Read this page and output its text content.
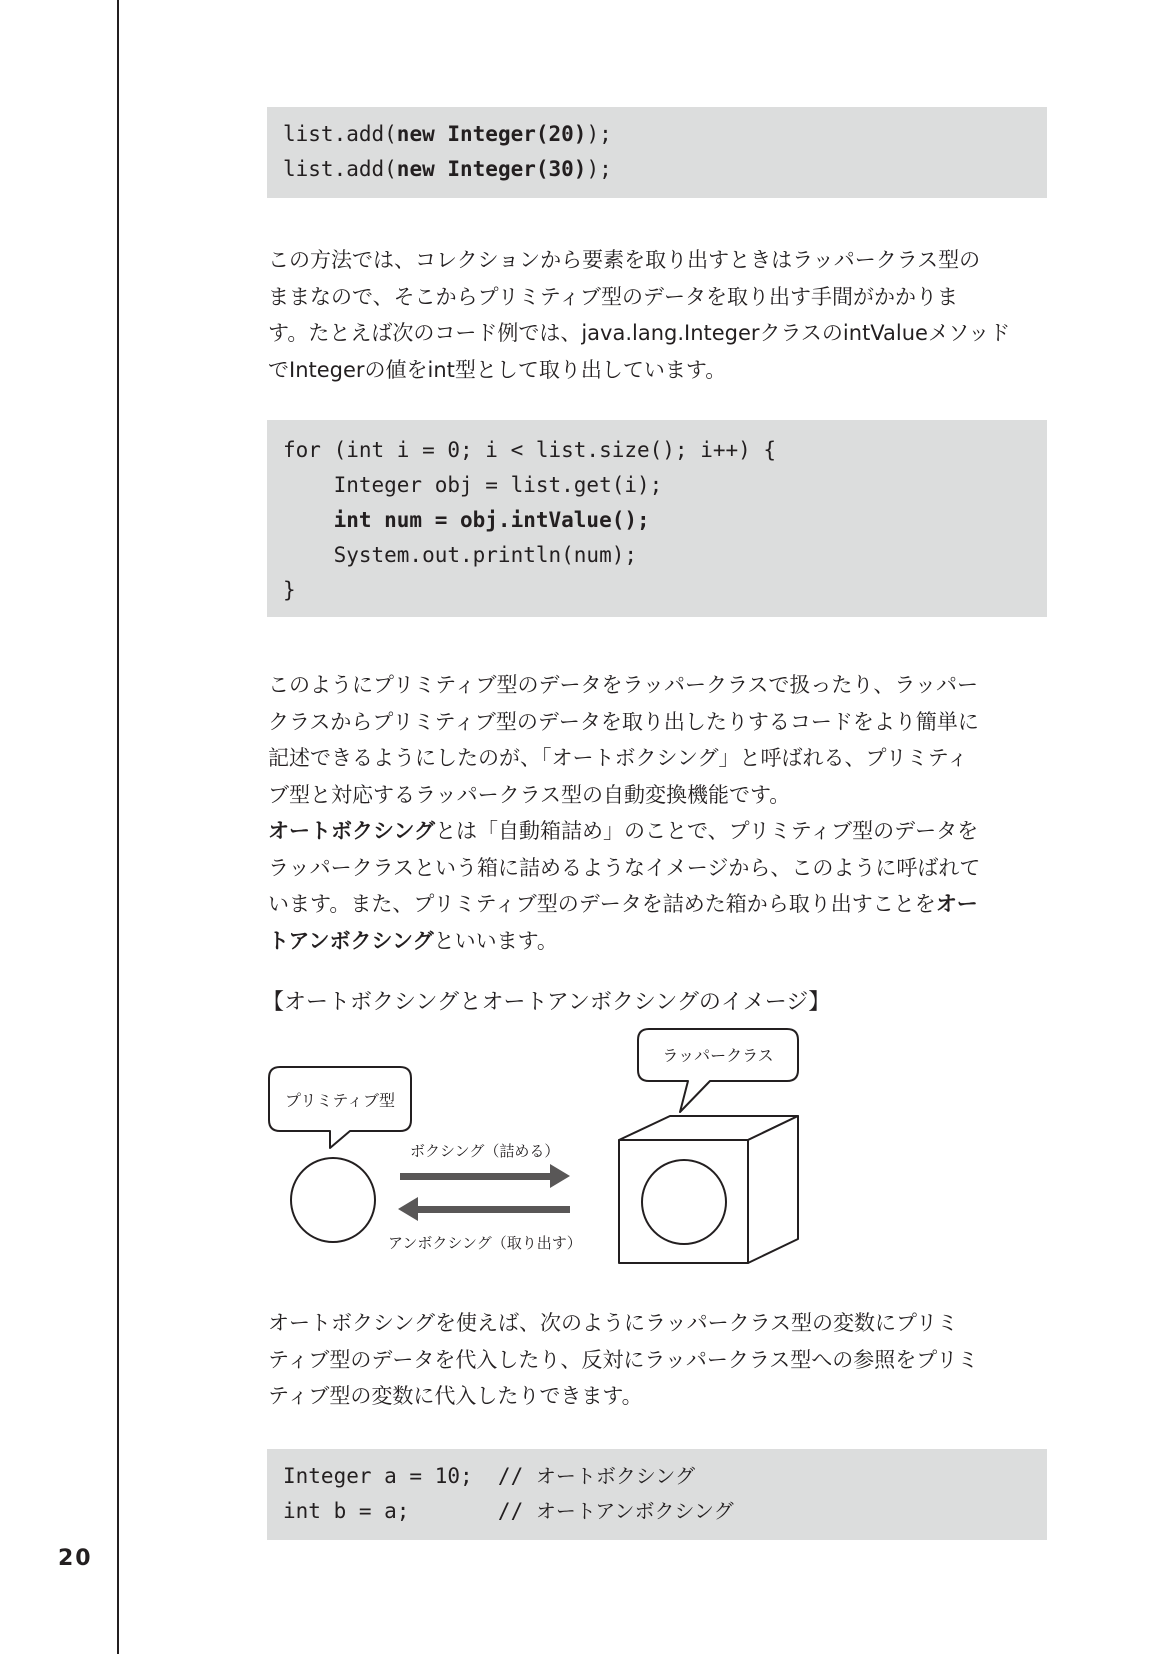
list.add(new Integer(20));
list.add(new Integer(30));

この方法では、コレクションから要素を取り出すときはラッパークラス型の

ままなので、そこからプリミティブ型のデータを取り出す手間がかかりま

す。たとえば次のコード例では、java.lang.IntegerクラスのintValueメソッド

でIntegerの値をint型として取り出しています。

for (int i = 0; i < list.size(); i++) {
Integer obj = list.get(i);
int num = obj.intValue();
System.out.println(num);
}

このようにプリミティブ型のデータをラッパークラスで扱ったり、ラッパー

クラスからプリミティブ型のデータを取り出したりするコードをより簡単に

記述できるようにしたのが、「オートボクシング」と呼ばれる、プリミティ

ブ型と対応するラッパークラス型の自動変換機能です。

オートボクシングとは「自動箱詰め」のことで、プリミティブ型のデータを

ラッパークラスという箱に詰めるようなイメージから、このように呼ばれて

います。また、プリミティブ型のデータを詰めた箱から取り出すことをオー

トアンボクシングといいます。

【オートボクシングとオートアンボクシングのイメージ】
プリミティブ型
ラッパークラス
ボクシング（詰める）
アンボクシング（取り出す）

オートボクシングを使えば、次のようにラッパークラス型の変数にプリミ

ティブ型のデータを代入したり、反対にラッパークラス型への参照をプリミ

ティブ型の変数に代入したりできます。

Integer a = 10;  // オートボクシング
int b = a;       // オートアンボクシング
20
